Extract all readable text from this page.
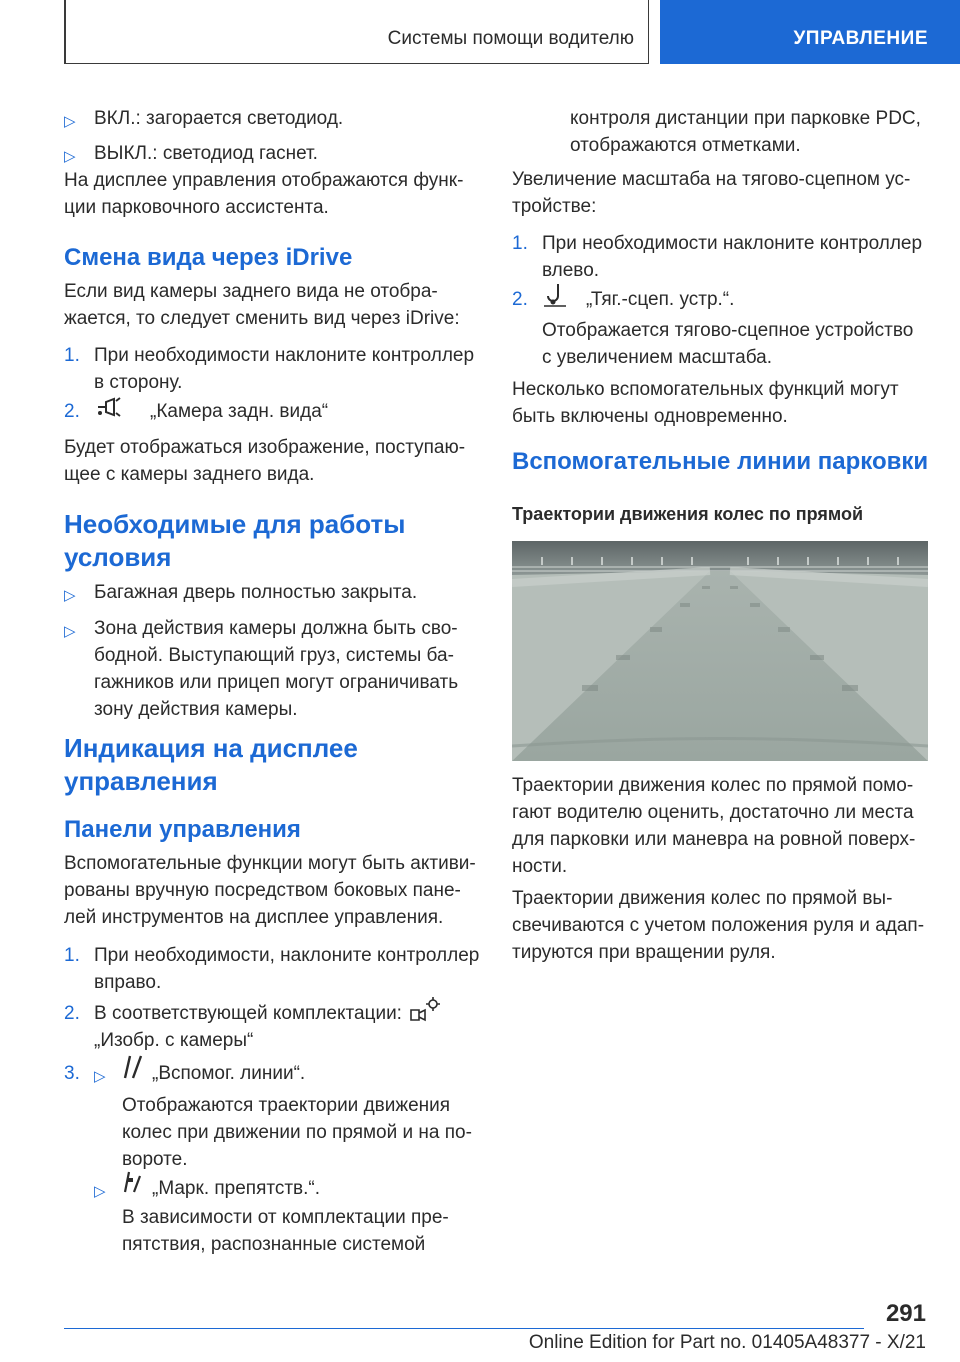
Системы помощи водителю	УПРАВЛЕНИЕ
▷ ВКЛ.: загорается светодиод.
▷ ВЫКЛ.: светодиод гаснет.
На дисплее управления отображаются функ-
ции парковочного ассистента.
Смена вида через iDrive
Если вид камеры заднего вида не отобра-
жается, то следует сменить вид через iDrive:
1. При необходимости наклоните контроллер
в сторону.
2.	„Камера задн. вида“
Будет отображаться изображение, поступаю-
щее с камеры заднего вида.
Необходимые для работы
условия
▷ Багажная дверь полностью закрыта.
▷ Зона действия камеры должна быть сво-
бодной. Выступающий груз, системы ба-
гажников или прицеп могут ограничивать
зону действия камеры.
Индикация на дисплее
управления
Панели управления
Вспомогательные функции могут быть активи-
рованы вручную посредством боковых пане-
лей инструментов на дисплее управления.
1. При необходимости, наклоните контроллер
вправо.
2. В соответствующей комплектации:
„Изобр. с камеры“
3. ▷ „Вспомог. линии“.
Отображаются траектории движения
колес при движении по прямой и на по-
вороте.
▷ „Марк. препятств.“.
В зависимости от комплектации пре-
пятствия, распознанные системой
контроля дистанции при парковке PDC,
отображаются отметками.
Увеличение масштаба на тягово-сцепном ус-
тройстве:
1. При необходимости наклоните контроллер
влево.
2.	„Тяг.-сцеп. устр.“.
Отображается тягово-сцепное устройство
с увеличением масштаба.
Несколько вспомогательных функций могут
быть включены одновременно.
Вспомогательные линии парковки
Траектории движения колес по прямой
Траектории движения колес по прямой помо-
гают водителю оценить, достаточно ли места
для парковки или маневра на ровной поверх-
ности.
Траектории движения колес по прямой вы-
свечиваются с учетом положения руля и адап-
тируются при вращении руля.
291
Online Edition for Part no. 01405A48377 - X/21
